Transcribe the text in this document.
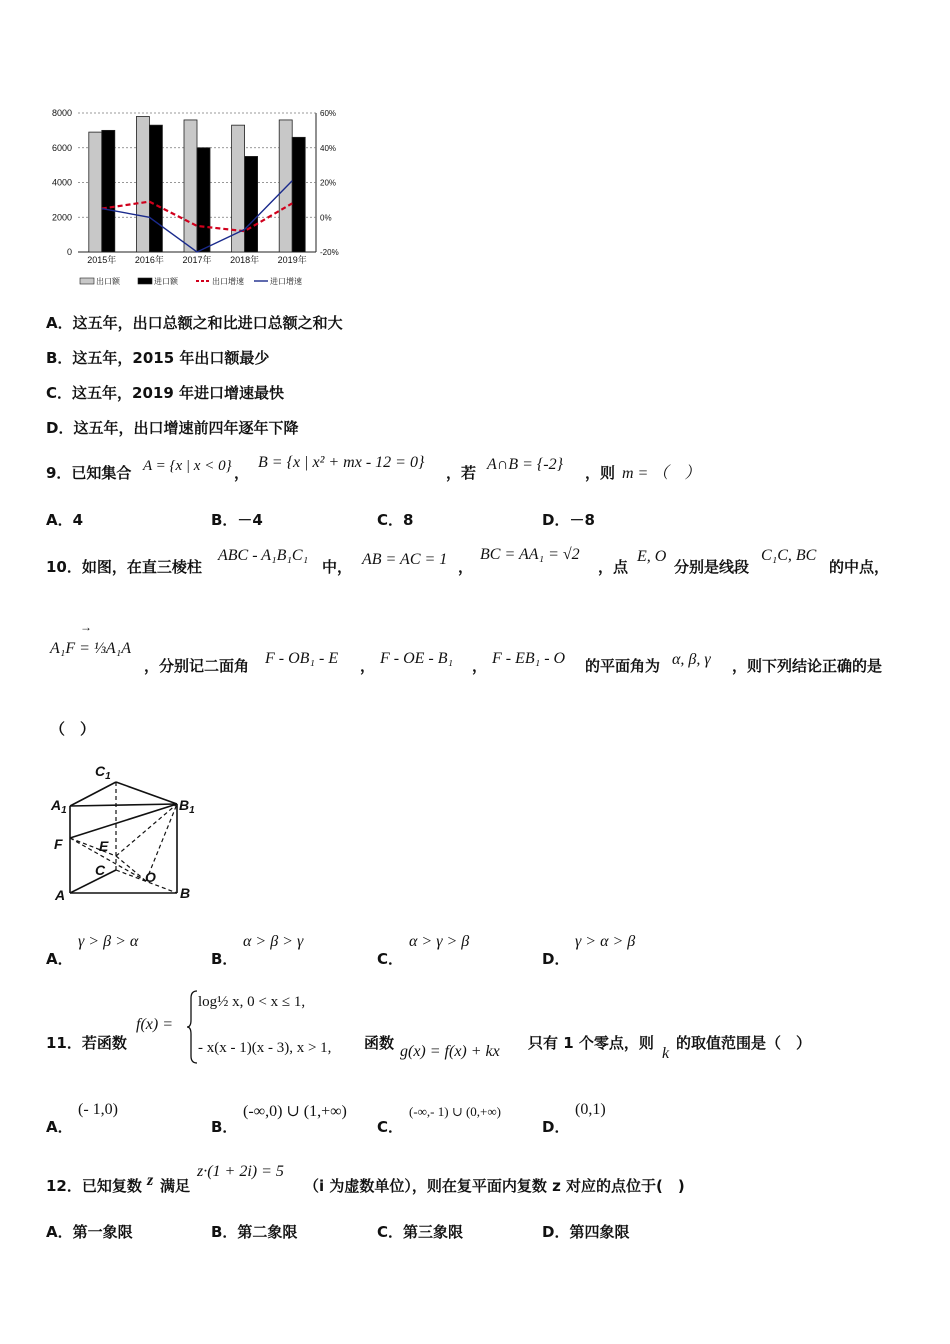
0
2000
4000
6000
8000
-20%
0%
20%
40%
60%
2015年 2016年 2017年 2018年 2019年
出口额	进口额	出口增速	进口增速
A．这五年，出口总额之和比进口总额之和大
B．这五年，2015 年出口额最少
C．这五年，2019 年进口增速最快
D．这五年，出口增速前四年逐年下降
9．已知集合 A = {x | x < 0} ，
B = {x | x² + mx - 12 = 0}
，若 A∩B = {-2} ，则 m = （　）
A．4	B．－4	C．8	D．－8
10．如图，在直三棱柱
ABC - A₁B₁C₁
中， AB = AC = 1 ，
BC = AA₁ = √2
，点
E, O
分别是线段
C₁C, BC
的中点，
→
A₁F = ⅓A₁A
，分别记二面角 F - OB₁ - E ， F - OE - B₁ ， F - EB₁ - O 的平面角为 α, β, γ ，则下列结论正确的是
（　）
$C_1$
$A_1$	$B_1$
F	E
C	O
A	B
A．
γ > β > α
B．
α > β > γ
C．
α > γ > β
D．
γ > α > β
11．若函数
f(x) =
log½ x, 0 < x ≤ 1,
- x(x - 1)(x - 3), x > 1, 函数 g(x) = f(x) + kx 只有 1 个零点，则
k
的取值范围是（　）
A．
(- 1,0)
B．
(-∞,0) ∪ (1,+∞)
C．
(-∞,- 1) ∪ (0,+∞)
D．
(0,1)
12．已知复数 z 满足
z·(1 + 2i) = 5
（i 为虚数单位），则在复平面内复数 z 对应的点位于(　)
A．第一象限	B．第二象限	C．第三象限	D．第四象限
